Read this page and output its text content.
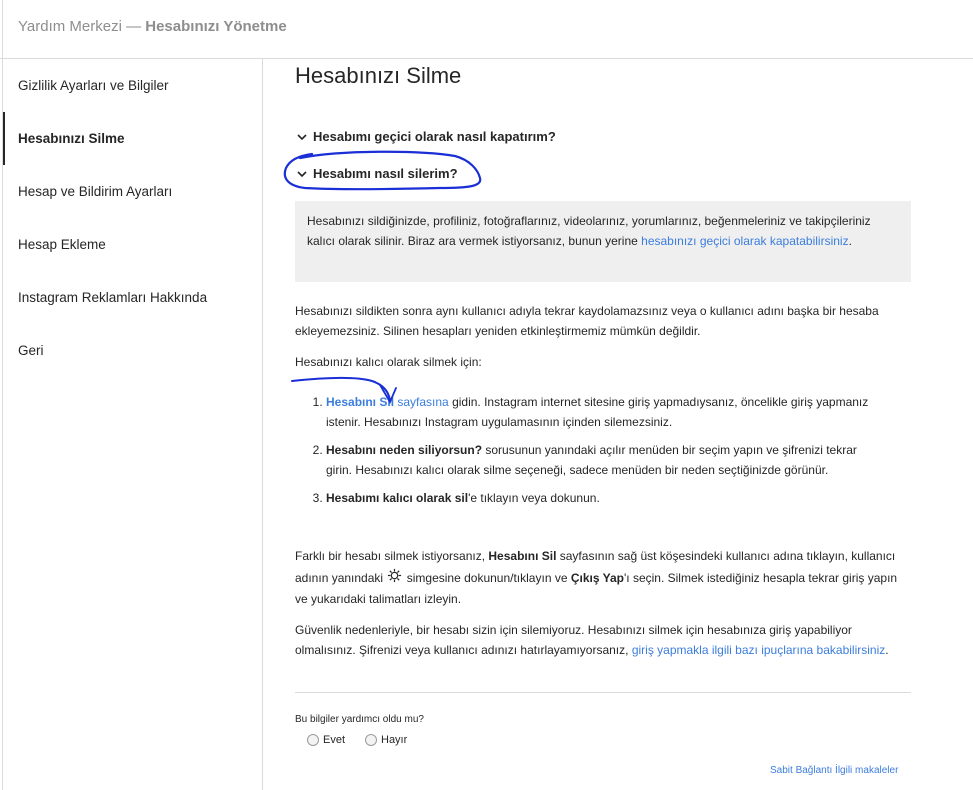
Yardım Merkezi — Hesabınızı Yönetme
Gizlilik Ayarları ve Bilgiler
Hesabınızı Silme
Hesap ve Bildirim Ayarları
Hesap Ekleme
Instagram Reklamları Hakkında
Geri
Hesabınızı Silme
Hesabımı geçici olarak nasıl kapatırım?
Hesabımı nasıl silerim?
Hesabınızı sildiğinizde, profiliniz, fotoğraflarınız, videolarınız, yorumlarınız, beğenmeleriniz ve takipçileriniz kalıcı olarak silinir. Biraz ara vermek istiyorsanız, bunun yerine hesabınızı geçici olarak kapatabilirsiniz.
Hesabınızı sildikten sonra aynı kullanıcı adıyla tekrar kaydolamazsınız veya o kullanıcı adını başka bir hesaba ekleyemezsiniz. Silinen hesapları yeniden etkinleştirmemiz mümkün değildir.
Hesabınızı kalıcı olarak silmek için:
1. Hesabını Sil sayfasına gidin. Instagram internet sitesine giriş yapmadıysanız, öncelikle giriş yapmanız istenir. Hesabınızı Instagram uygulamasının içinden silemezsiniz.
2. Hesabını neden siliyorsun? sorusunun yanındaki açılır menüden bir seçim yapın ve şifrenizi tekrar girin. Hesabınızı kalıcı olarak silme seçeneği, sadece menüden bir neden seçtiğinizde görünür.
3. Hesabımı kalıcı olarak sil'e tıklayın veya dokunun.
Farklı bir hesabı silmek istiyorsanız, Hesabını Sil sayfasının sağ üst köşesindeki kullanıcı adına tıklayın, kullanıcı adının yanındaki  simgesine dokunun/tıklayın ve Çıkış Yap'ı seçin. Silmek istediğiniz hesapla tekrar giriş yapın ve yukarıdaki talimatları izleyin.
Güvenlik nedenleriyle, bir hesabı sizin için silemiyoruz. Hesabınızı silmek için hesabınıza giriş yapabiliyor olmalısınız. Şifrenizi veya kullanıcı adınızı hatırlayamıyorsanız, giriş yapmakla ilgili bazı ipuçlarına bakabilirsiniz.
Bu bilgiler yardımcı oldu mu?
Evet	Hayır
Sabit Bağlantı İlgili makaleler
